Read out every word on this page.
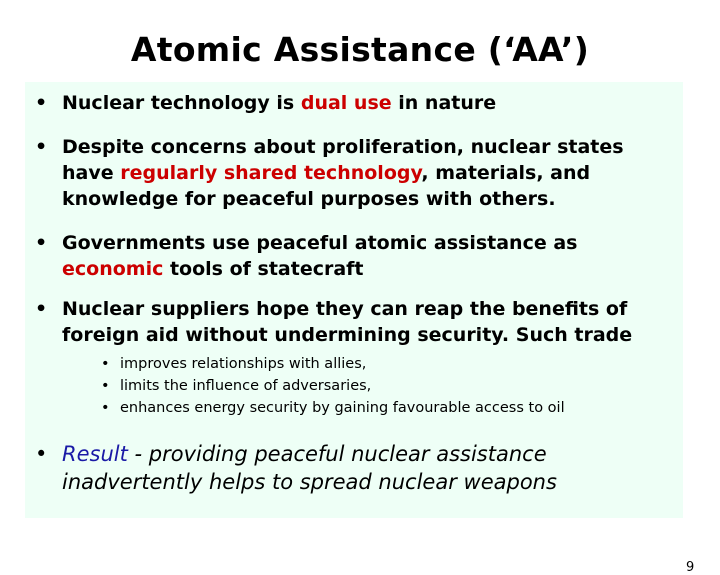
Atomic Assistance (‘AA’)
• Nuclear technology is dual use in nature
• Despite concerns about proliferation, nuclear states have regularly shared technology, materials, and knowledge for peaceful purposes with others.
• Governments use peaceful atomic assistance as economic tools of statecraft
• Nuclear suppliers hope they can reap the benefits of foreign aid without undermining security. Such trade
• improves relationships with allies,
• limits the influence of adversaries,
• enhances energy security by gaining favourable access to oil
• Result - providing peaceful nuclear assistance inadvertently helps to spread nuclear weapons
9
